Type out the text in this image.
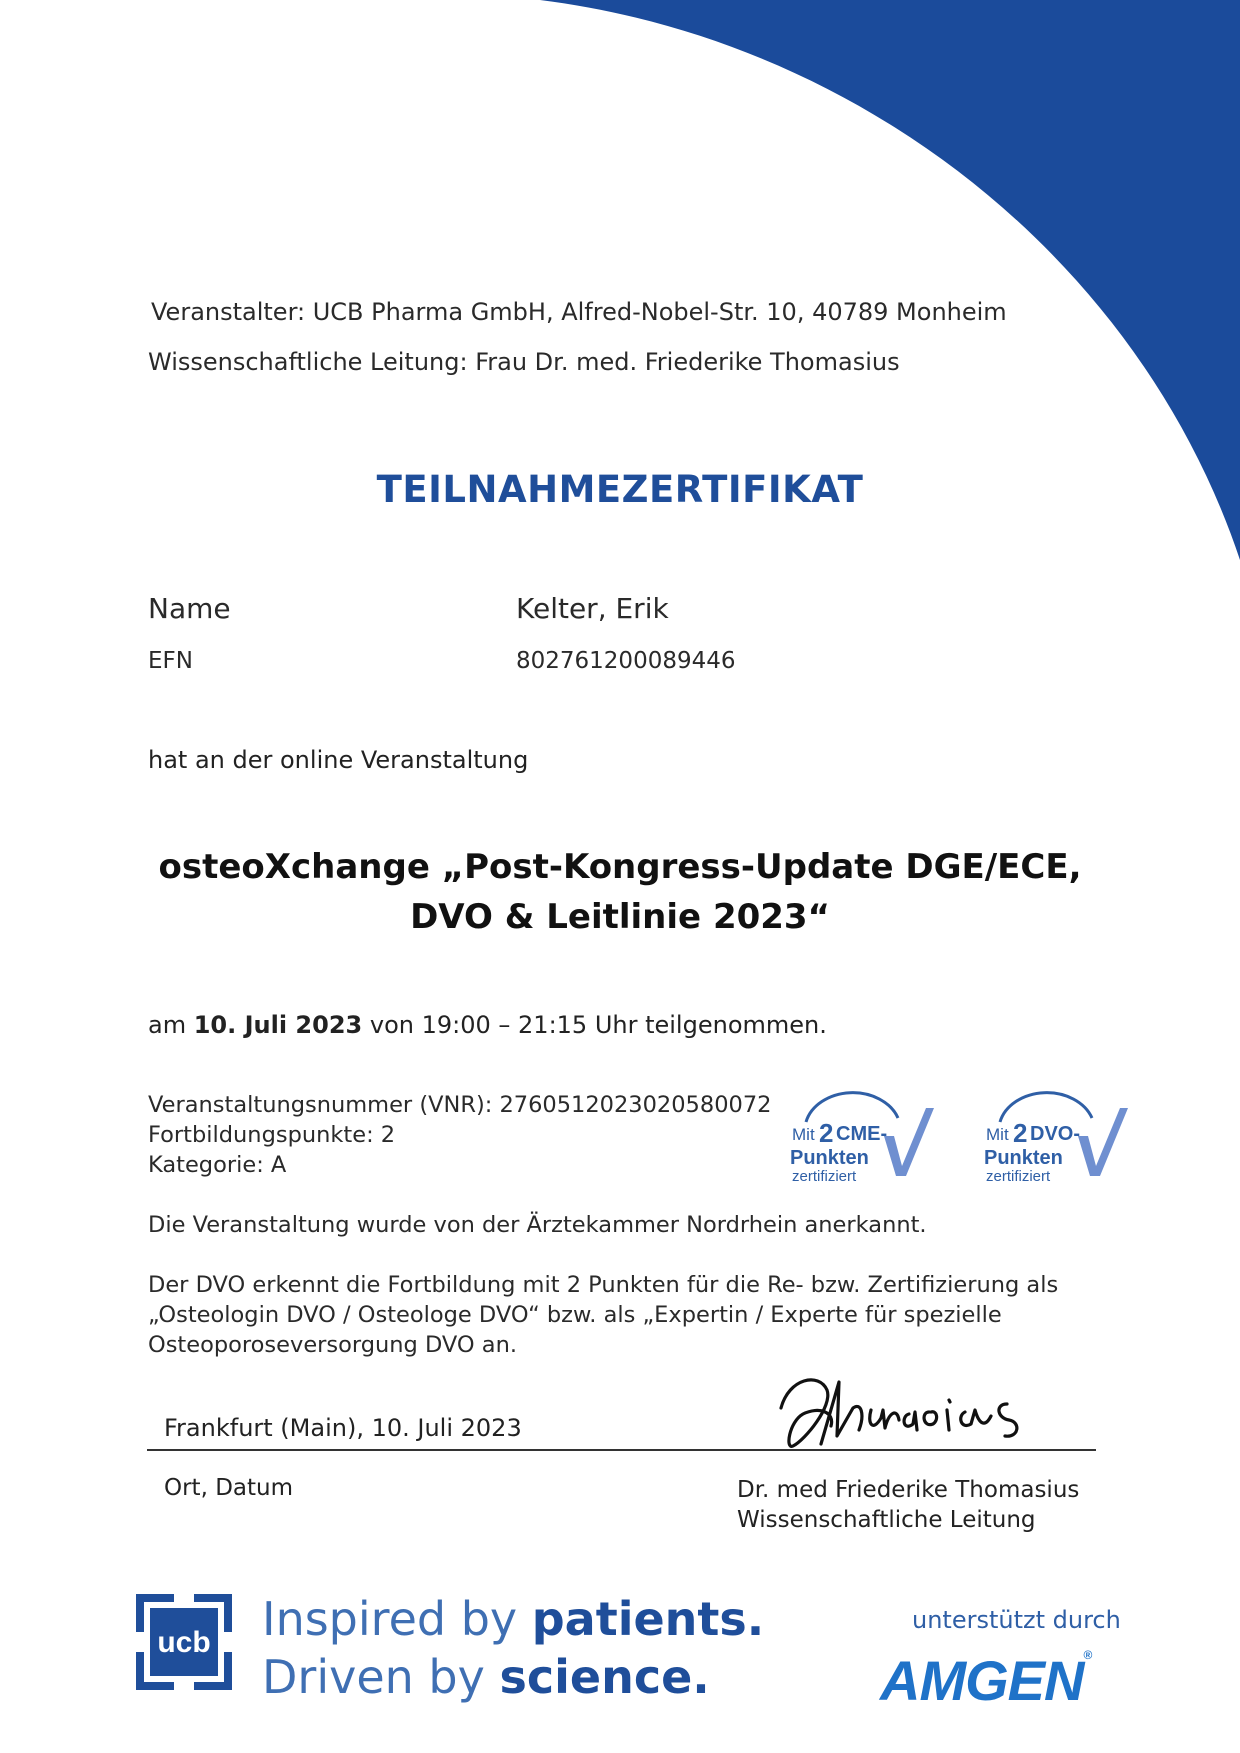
Veranstalter: UCB Pharma GmbH, Alfred-Nobel-Str. 10, 40789 Monheim
Wissenschaftliche Leitung: Frau Dr. med. Friederike Thomasius
TEILNAHMEZERTIFIKAT
Name	Kelter, Erik
EFN	802761200089446
hat an der online Veranstaltung
osteoXchange „Post-Kongress-Update DGE/ECE,
DVO & Leitlinie 2023“
am 10. Juli 2023 von 19:00 – 21:15 Uhr teilgenommen.
Veranstaltungsnummer (VNR): 2760512023020580072
Fortbildungspunkte: 2
Kategorie: A
Mit 2 CME-
Punkten
zertifiziert
Mit 2 DVO-
Punkten
zertifiziert
Die Veranstaltung wurde von der Ärztekammer Nordrhein anerkannt.
Der DVO erkennt die Fortbildung mit 2 Punkten für die Re- bzw. Zertifizierung als
„Osteologin DVO / Osteologe DVO“ bzw. als „Expertin / Experte für spezielle
Osteoporoseversorgung DVO an.
Frankfurt (Main), 10. Juli 2023
Ort, Datum	Dr. med Friederike Thomasius
Wissenschaftliche Leitung
ucb Inspired by patients.
Driven by science.
unterstützt durch
AMGEN®
